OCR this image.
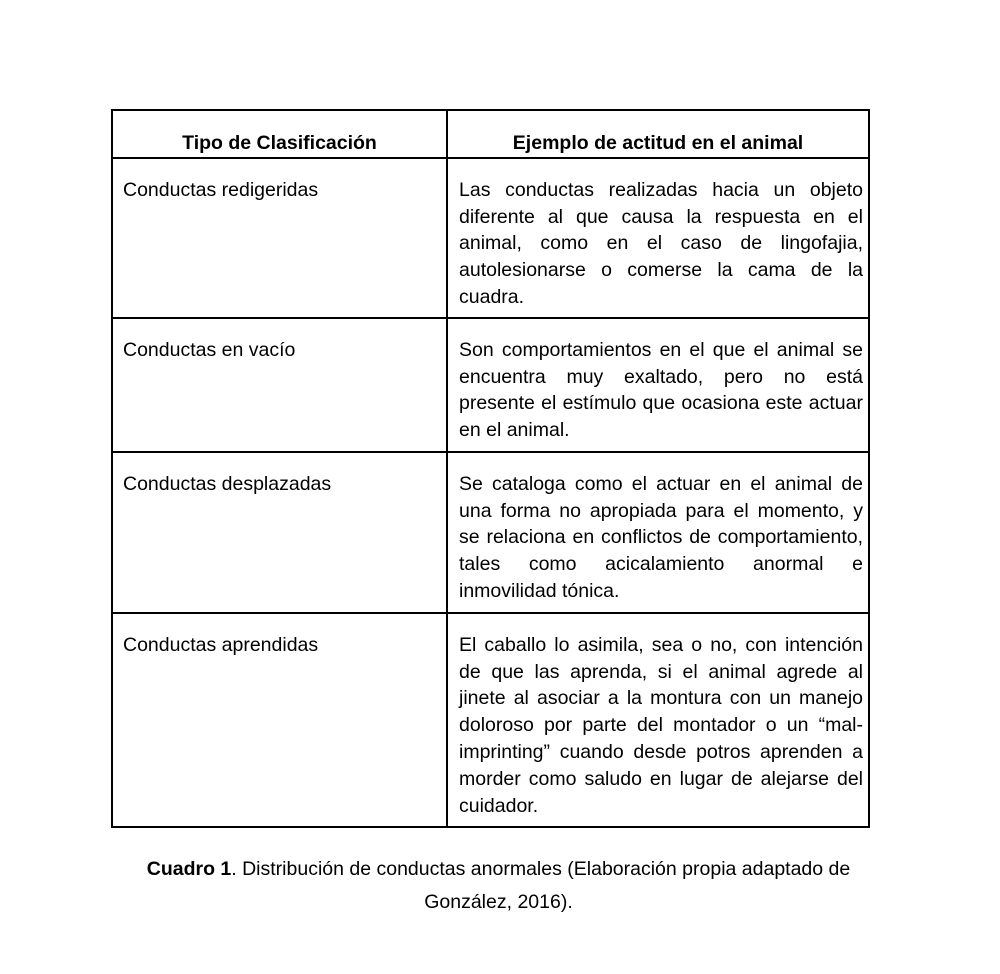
Tipo de Clasificación	Ejemplo de actitud en el animal
Conductas redigeridas	Las conductas realizadas hacia un objeto diferente al que causa la respuesta en el animal, como en el caso de lingofajia, autolesionarse o comerse la cama de la cuadra.
Conductas en vacío	Son comportamientos en el que el animal se encuentra muy exaltado, pero no está presente el estímulo que ocasiona este actuar en el animal.
Conductas desplazadas	Se cataloga como el actuar en el animal de una forma no apropiada para el momento, y se relaciona en conflictos de comportamiento, tales como acicalamiento anormal e inmovilidad tónica.
Conductas aprendidas	El caballo lo asimila, sea o no, con intención de que las aprenda, si el animal agrede al jinete al asociar a la montura con un manejo doloroso por parte del montador o un “mal-imprinting” cuando desde potros aprenden a morder como saludo en lugar de alejarse del cuidador.

Cuadro 1. Distribución de conductas anormales (Elaboración propia adaptado de González, 2016).
